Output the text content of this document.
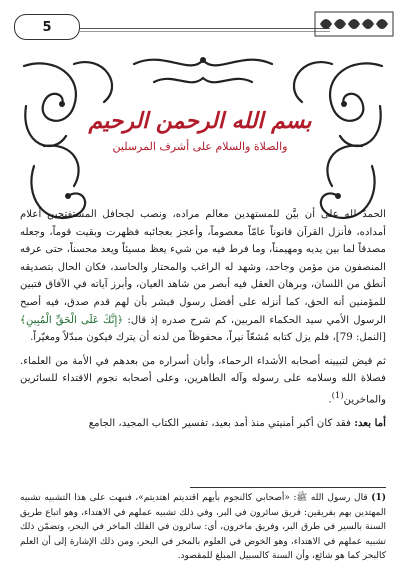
5
بسم الله الرحمن الرحيم
والصلاة والسلام على أشرف المرسلين

الحمدُ لله على أن بيَّن للمستهدين معالم مراده، ونصب لجحافل المستفتحين أعلام أمداده، فأنزل القرآن قانوناً عامّاً معصوماً، وأعجز بعجائبه فظهرت وبقيت قوماً، وجعله مصدقاً لما بين يديه ومهيمناً، وما فرط فيه من شيء يعظ مسيئاً ويعد محسناً، حتى عرفه المنصفون من مؤمن وجاحد، وشهد له الراغب والمحتار والحاسد، فكان الحال بتصديقه أنطق من اللسان، وبرهان العقل فيه أبصر من شاهد العيان، وأبرز آياته في الآفاق فتبين للمؤمنين أنه الحق، كما أنزله على أفضل رسول فبشر بأن لهم قدم صدق، فيه أصبح الرسول الأمي سيد الحكماء المربين، كم شرح صدره إذ قال: ﴿إِنَّكَ عَلَى الْحَقِّ الْمُبِينِ﴾ [النمل: 79]، فلم يزل كتابه مُشعّاً نيراً، محفوظاً من لدنه أن يترك فيكون مبدّلاً ومغيّراً.

ثم قيض لتبيينه أصحابه الأشداء الرحماء، وأبان أسراره من بعدهم في الأمة من العلماء. فصلاة الله وسلامه على رسوله وآله الطاهرين، وعلى أصحابه نجوم الاقتداء للسائرين والماخرين$^{(1)}$.

أما بعد: فقد كان أكبر أمنيتي منذ أمد بعيد، تفسير الكتاب المجيد، الجامع

(1) قال رسول الله ﷺ: «أصحابي كالنجوم بأيهم اقتديتم اهتديتم»، فنبهت على هذا التشبيه تشبيه المهتدين بهم بفريقين: فريق سائرون في البر، وفي ذلك تشبيه عملهم في الاهتداء، وهو اتباع طريق السنة بالسير في طرق البر، وفريق ماخرون، أي: سائرون في الفلك الماخر في البحر، وتضمّن ذلك تشبيه عملهم في الاهتداء، وهو الخوض في العلوم بالمخر في البحر، ومن ذلك الإشارة إلى أن العلم كالبحر كما هو شائع، وأن السنة كالسبيل المبلغ للمقصود.
